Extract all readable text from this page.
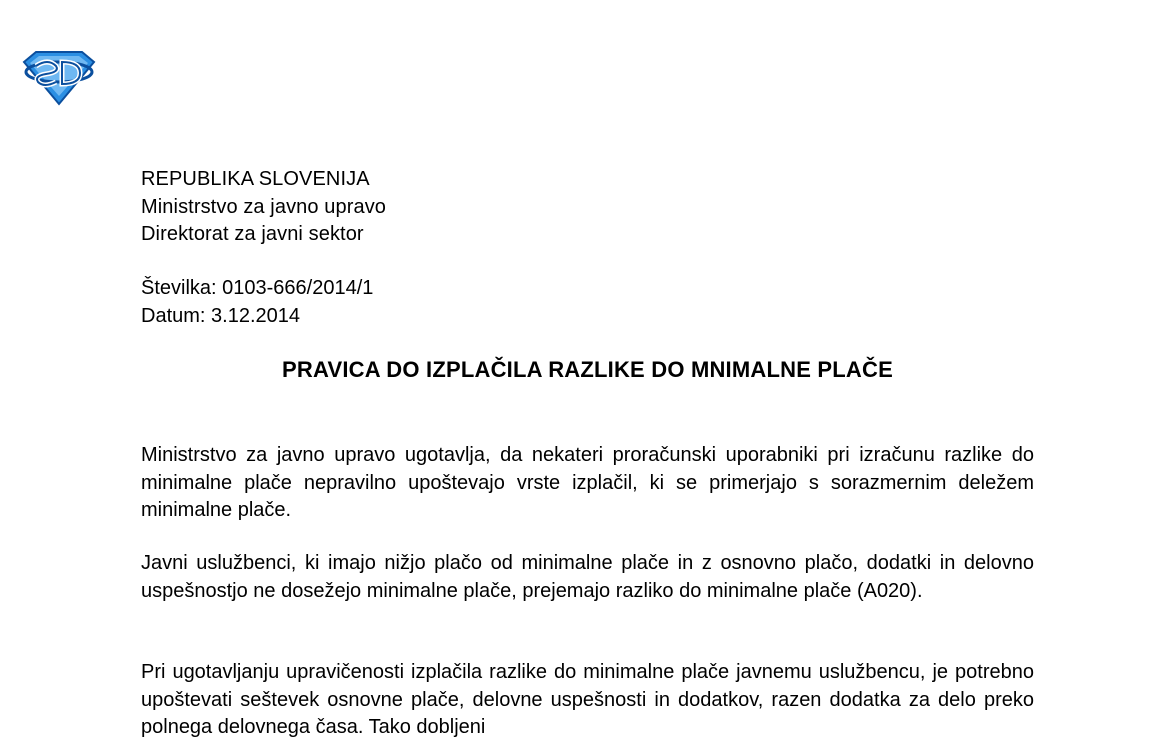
REPUBLIKA SLOVENIJA
Ministrstvo za javno upravo
Direktorat za javni sektor
Številka: 0103-666/2014/1
Datum: 3.12.2014
PRAVICA DO IZPLAČILA RAZLIKE DO MNIMALNE PLAČE

Ministrstvo za javno upravo ugotavlja, da nekateri proračunski uporabniki pri izračunu razlike do minimalne plače nepravilno upoštevajo vrste izplačil, ki se primerjajo s sorazmernim deležem minimalne plače.

Javni uslužbenci, ki imajo nižjo plačo od minimalne plače in z osnovno plačo, dodatki in delovno uspešnostjo ne dosežejo minimalne plače, prejemajo razliko do minimalne plače (A020).

Pri ugotavljanju upravičenosti izplačila razlike do minimalne plače javnemu uslužbencu, je potrebno upoštevati seštevek osnovne plače, delovne uspešnosti in dodatkov, razen dodatka za delo preko polnega delovnega časa. Tako dobljeni
